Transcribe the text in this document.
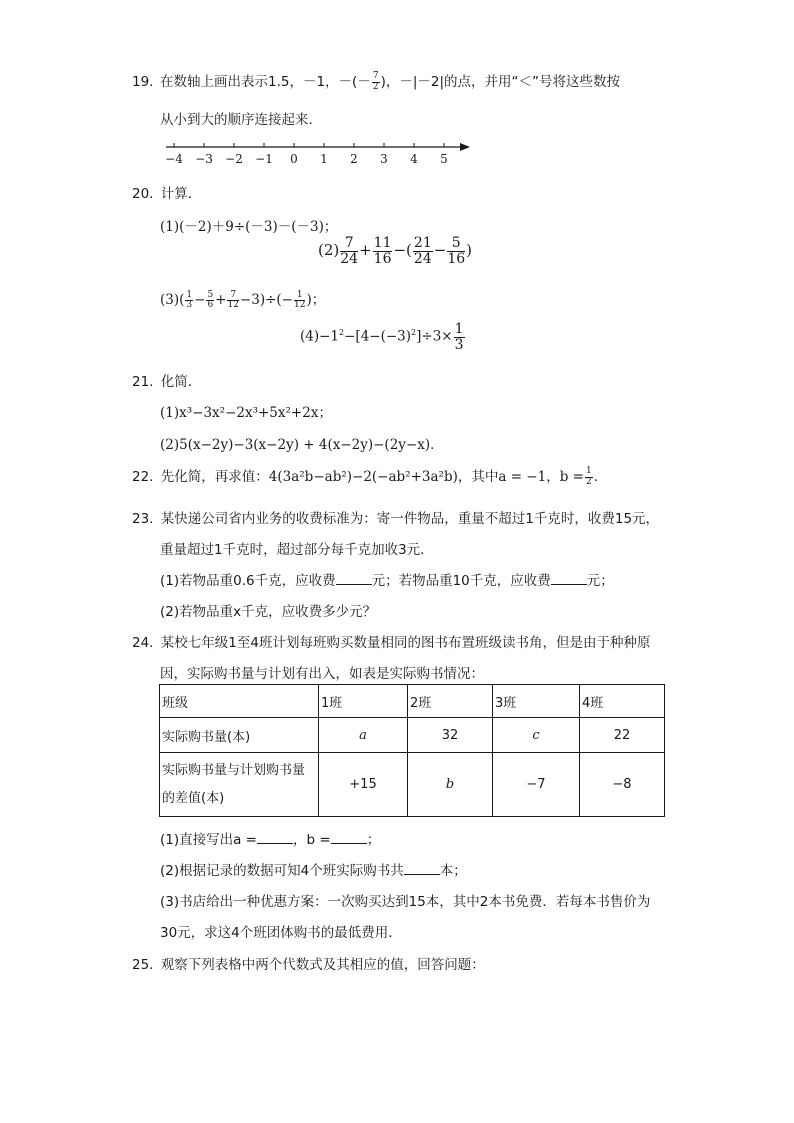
19. 在数轴上画出表示1.5，－1，－(－ $\frac{7}{2}$ )，－|－2|的点，并用“＜”号将这些数按
从小到大的顺序连接起来．
−4 −3 −2 −1 0 1 2 3 4 5
20. 计算．
(1)(－2)＋9÷(－3)－(－3)；
$(2) \frac{7}{24} + \frac{11}{16}$ −( $\frac{21}{24} - \frac{5}{16}$ )
$(3)( \frac{1}{3} - \frac{5}{6} + \frac{7}{12} -3)\div(- \frac{1}{12}$ )；
$(4)-1^2-[4-(-3)^2]\div 3\times \frac{1}{3}$
21. 化简．
(1)x³−3x²−2x³+5x²+2x；
(2)5(x−2y)−3(x−2y) + 4(x−2y)−(2y−x)．
22. 先化简，再求值：4(3a²b−ab²)−2(−ab²+3a²b)，其中a = −1，$b = \frac{1}{2}$ .
23. 某快递公司省内业务的收费标准为：寄一件物品，重量不超过1千克时，收费15元，
重量超过1千克时，超过部分每千克加收3元．
(1)若物品重0.6千克，应收费	元；若物品重10千克，应收费	元；
(2)若物品重x千克，应收费多少元？
24. 某校七年级1至4班计划每班购买数量相同的图书布置班级读书角，但是由于种种原
因，实际购书量与计划有出入，如表是实际购书情况：
班级	1班	2班	3班	4班
实际购书量(本)	a	32	c	22
实际购书量与计划购书量
的差值(本)	+15	b	−7	−8
(1)直接写出a =	，b =	；
(2)根据记录的数据可知4个班实际购书共	本；
(3)书店给出一种优惠方案：一次购买达到15本，其中2本书免费．若每本书售价为
30元，求这4个班团体购书的最低费用．
25. 观察下列表格中两个代数式及其相应的值，回答问题：
